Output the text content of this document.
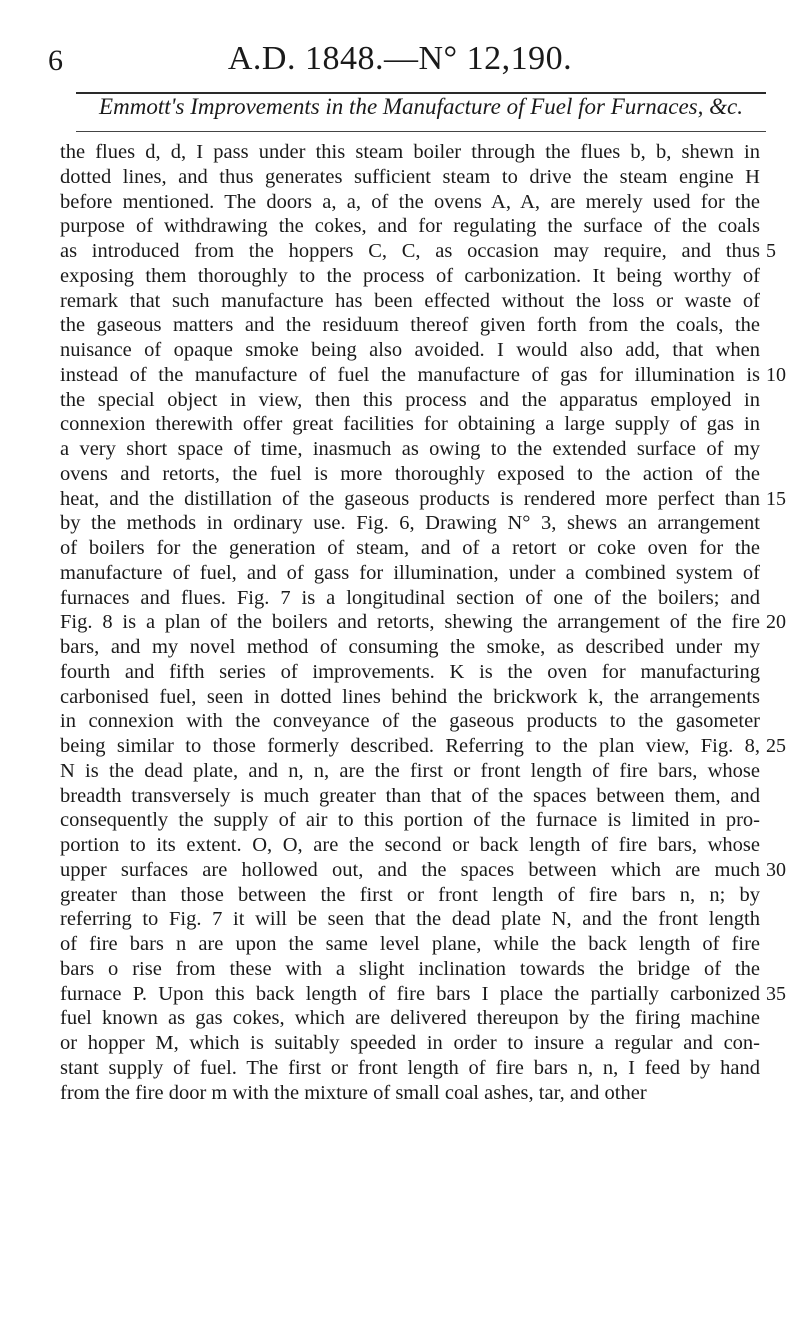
6	A.D. 1848.—N° 12,190.
Emmott's Improvements in the Manufacture of Fuel for Furnaces, &c.
the flues d, d, I pass under this steam boiler through the flues b, b, shewn in
dotted lines, and thus generates sufficient steam to drive the steam engine H
before mentioned. The doors a, a, of the ovens A, A, are merely used for the
purpose of withdrawing the cokes, and for regulating the surface of the coals
as introduced from the hoppers C, C, as occasion may require, and thus 5
exposing them thoroughly to the process of carbonization. It being worthy of
remark that such manufacture has been effected without the loss or waste of
the gaseous matters and the residuum thereof given forth from the coals, the
nuisance of opaque smoke being also avoided. I would also add, that when
instead of the manufacture of fuel the manufacture of gas for illumination is 10
the special object in view, then this process and the apparatus employed in
connexion therewith offer great facilities for obtaining a large supply of gas in
a very short space of time, inasmuch as owing to the extended surface of my
ovens and retorts, the fuel is more thoroughly exposed to the action of the
heat, and the distillation of the gaseous products is rendered more perfect than 15
by the methods in ordinary use. Fig. 6, Drawing N° 3, shews an arrangement
of boilers for the generation of steam, and of a retort or coke oven for the
manufacture of fuel, and of gass for illumination, under a combined system of
furnaces and flues. Fig. 7 is a longitudinal section of one of the boilers; and
Fig. 8 is a plan of the boilers and retorts, shewing the arrangement of the fire 20
bars, and my novel method of consuming the smoke, as described under my
fourth and fifth series of improvements. K is the oven for manufacturing
carbonised fuel, seen in dotted lines behind the brickwork k, the arrangements
in connexion with the conveyance of the gaseous products to the gasometer
being similar to those formerly described. Referring to the plan view, Fig. 8, 25
N is the dead plate, and n, n, are the first or front length of fire bars, whose
breadth transversely is much greater than that of the spaces between them, and
consequently the supply of air to this portion of the furnace is limited in pro-
portion to its extent. O, O, are the second or back length of fire bars, whose
upper surfaces are hollowed out, and the spaces between which are much 30
greater than those between the first or front length of fire bars n, n; by
referring to Fig. 7 it will be seen that the dead plate N, and the front length
of fire bars n are upon the same level plane, while the back length of fire
bars o rise from these with a slight inclination towards the bridge of the
furnace P. Upon this back length of fire bars I place the partially carbonized 35
fuel known as gas cokes, which are delivered thereupon by the firing machine
or hopper M, which is suitably speeded in order to insure a regular and con-
stant supply of fuel. The first or front length of fire bars n, n, I feed by hand
from the fire door m with the mixture of small coal ashes, tar, and other
